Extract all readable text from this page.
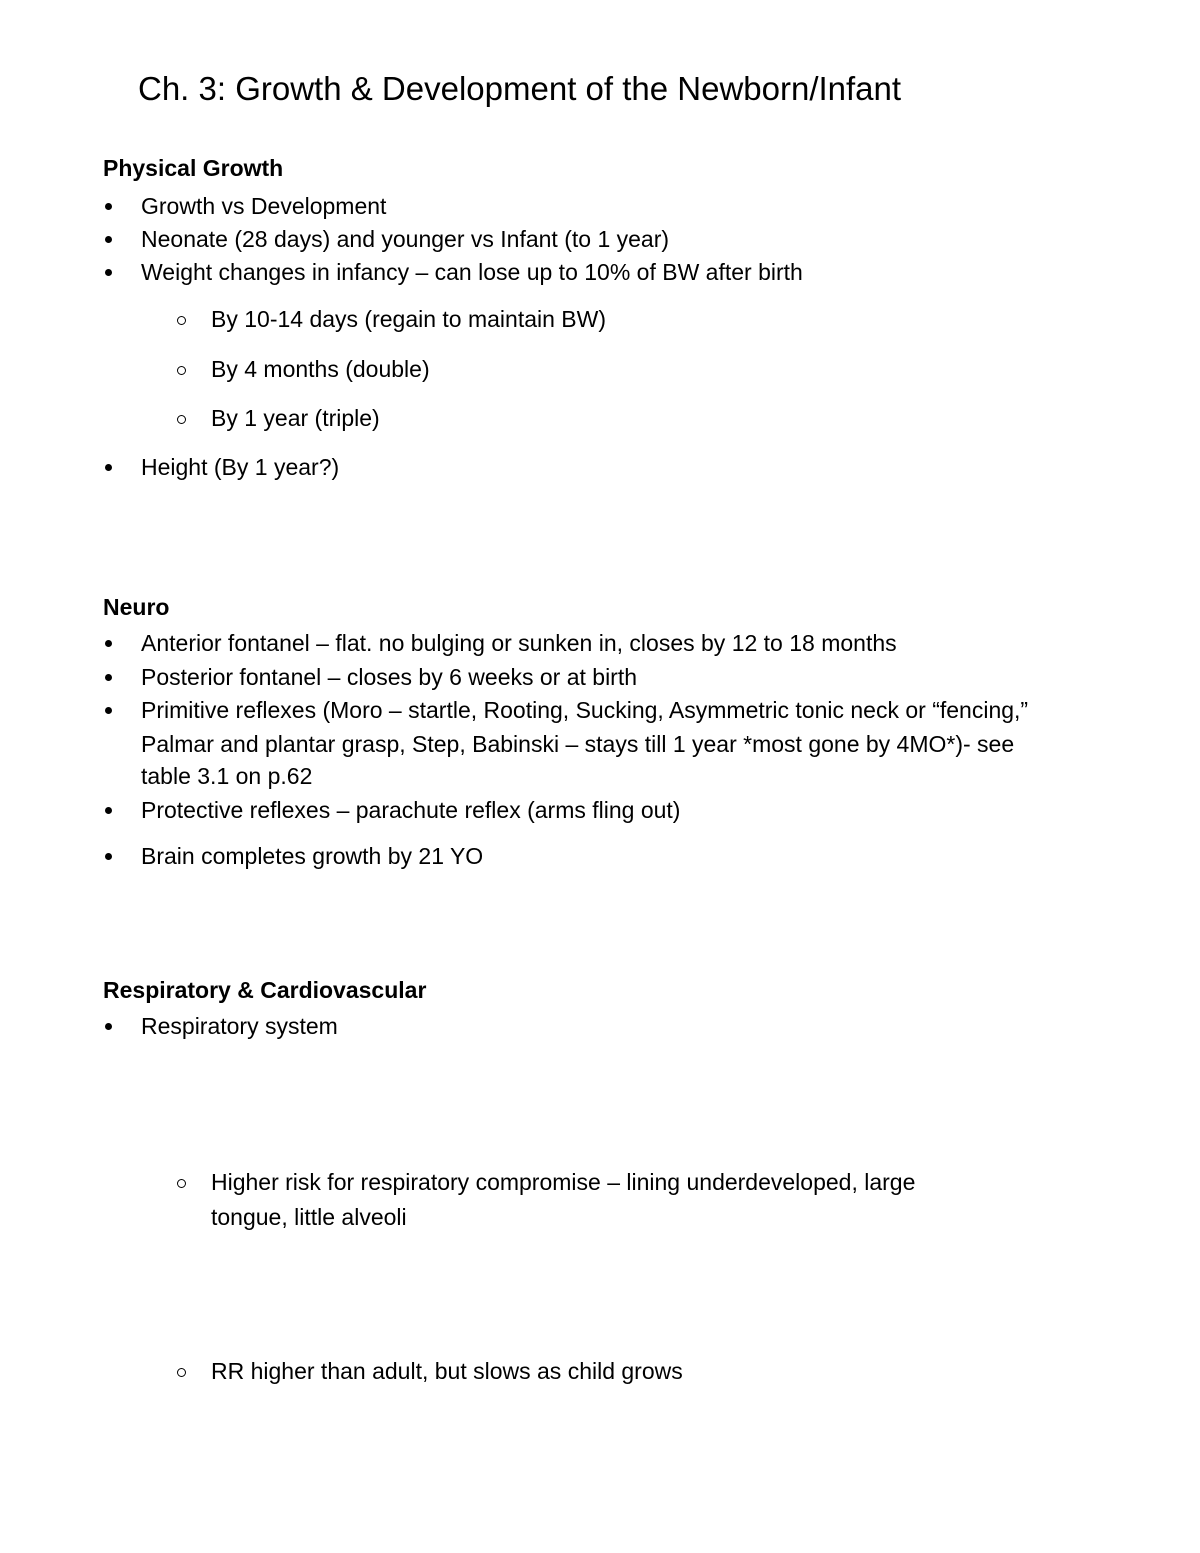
Ch. 3: Growth & Development of the Newborn/Infant
Physical Growth
Growth vs Development
Neonate (28 days) and younger vs Infant (to 1 year)
Weight changes in infancy – can lose up to 10% of BW after birth
By 10-14 days (regain to maintain BW)
By 4 months (double)
By 1 year (triple)
Height (By 1 year?)
Neuro
Anterior fontanel – flat. no bulging or sunken in, closes by 12 to 18 months
Posterior fontanel – closes by 6 weeks or at birth
Primitive reflexes (Moro – startle, Rooting, Sucking, Asymmetric tonic neck or “fencing,”
Palmar and plantar grasp, Step, Babinski – stays till 1 year *most gone by 4MO*)- see
table 3.1 on p.62
Protective reflexes – parachute reflex (arms fling out)
Brain completes growth by 21 YO
Respiratory & Cardiovascular
Respiratory system
Higher risk for respiratory compromise – lining underdeveloped, large
tongue, little alveoli
RR higher than adult, but slows as child grows
